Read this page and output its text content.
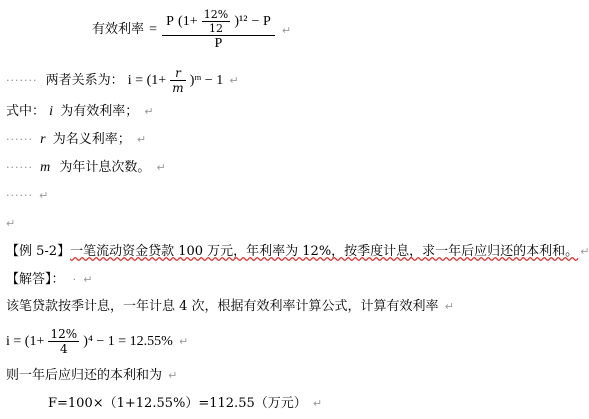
有效利率 =
P $(1+ \frac{12\%}{12} )^{12} - P$
P
↵
······· 两者关系为： $i = (1+ \frac{r}{m}$ )ᵐ − 1 ↵
式中： i 为有效利率； ↵
······ r 为名义利率； ↵
······ m 为年计息次数。 ↵
······ ↵
↵
【例 5-2】一笔流动资金贷款 100 万元，年利率为 12%，按季度计息，求一年后应归还的本利和。 ↵
【解答】： · ↵
该笔贷款按季计息，一年计息 4 次，根据有效利率计算公式，计算有效利率 ↵
$i = (1+ \frac{12\%}{4} )^4 - 1 = 12.55\%$ ↵
则一年后应归还的本利和为 ↵
F=100×（1+12.55%）=112.55（万元） ↵
